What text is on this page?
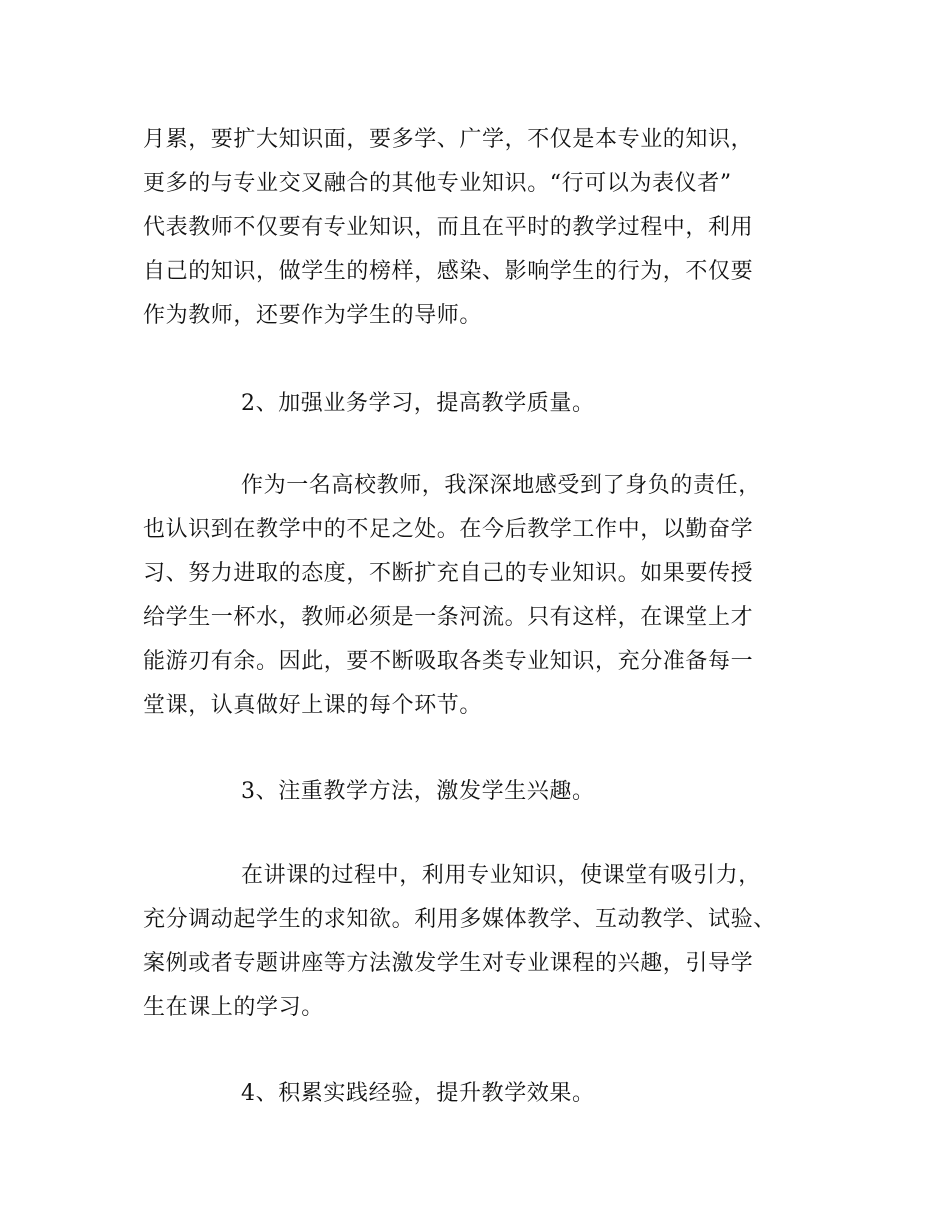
月累，要扩大知识面，要多学、广学，不仅是本专业的知识，
更多的与专业交叉融合的其他专业知识。“行可以为表仪者”
代表教师不仅要有专业知识，而且在平时的教学过程中，利用
自己的知识，做学生的榜样，感染、影响学生的行为，不仅要
作为教师，还要作为学生的导师。
2、加强业务学习，提高教学质量。
作为一名高校教师，我深深地感受到了身负的责任，
也认识到在教学中的不足之处。在今后教学工作中，以勤奋学
习、努力进取的态度，不断扩充自己的专业知识。如果要传授
给学生一杯水，教师必须是一条河流。只有这样，在课堂上才
能游刃有余。因此，要不断吸取各类专业知识，充分准备每一
堂课，认真做好上课的每个环节。
3、注重教学方法，激发学生兴趣。
在讲课的过程中，利用专业知识，使课堂有吸引力，
充分调动起学生的求知欲。利用多媒体教学、互动教学、试验、
案例或者专题讲座等方法激发学生对专业课程的兴趣，引导学
生在课上的学习。
4、积累实践经验，提升教学效果。
